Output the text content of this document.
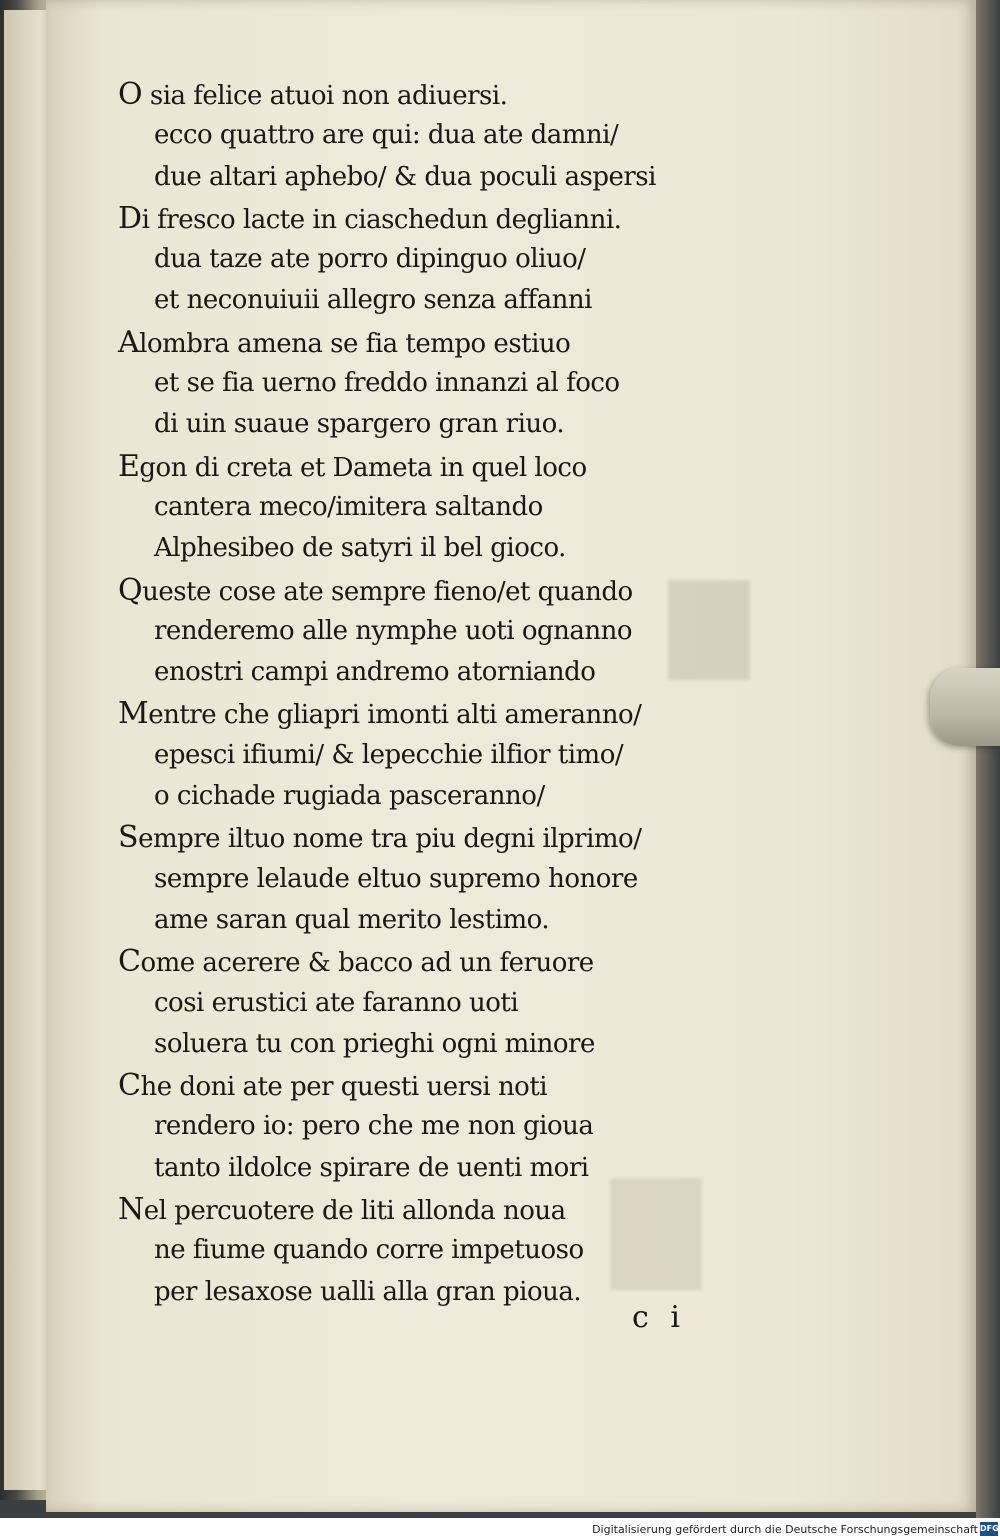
O sia felice atuoi non adiuersi.
ecco quattro are qui: dua ate damni/
due altari aphebo/ & dua poculi aspersi
Di fresco lacte in ciaschedun deglianni.
dua taze ate porro dipinguo oliuo/
et neconuiuii allegro senza affanni
Alombra amena se fia tempo estiuo
et se fia uerno freddo innanzi al foco
di uin suaue spargero gran riuo.
Egon di creta et Dameta in quel loco
cantera meco/imitera saltando
Alphesibeo de satyri il bel gioco.
Queste cose ate sempre fieno/et quando
renderemo alle nymphe uoti ognanno
enostri campi andremo atorniando
Mentre che gliapri imonti alti ameranno/
epesci ifiumi/ & lepecchie ilfior timo/
o cichade rugiada pasceranno/
Sempre iltuo nome tra piu degni ilprimo/
sempre lelaude eltuo supremo honore
ame saran qual merito lestimo.
Come acerere & bacco ad un feruore
cosi erustici ate faranno uoti
soluera tu con prieghi ogni minore
Che doni ate per questi uersi noti
rendero io: pero che me non gioua
tanto ildolce spirare de uenti mori
Nel percuotere de liti allonda noua
ne fiume quando corre impetuoso
per lesaxose ualli alla gran pioua.
c i
Digitalisierung gefördert durch die Deutsche Forschungsgemeinschaft DFG
